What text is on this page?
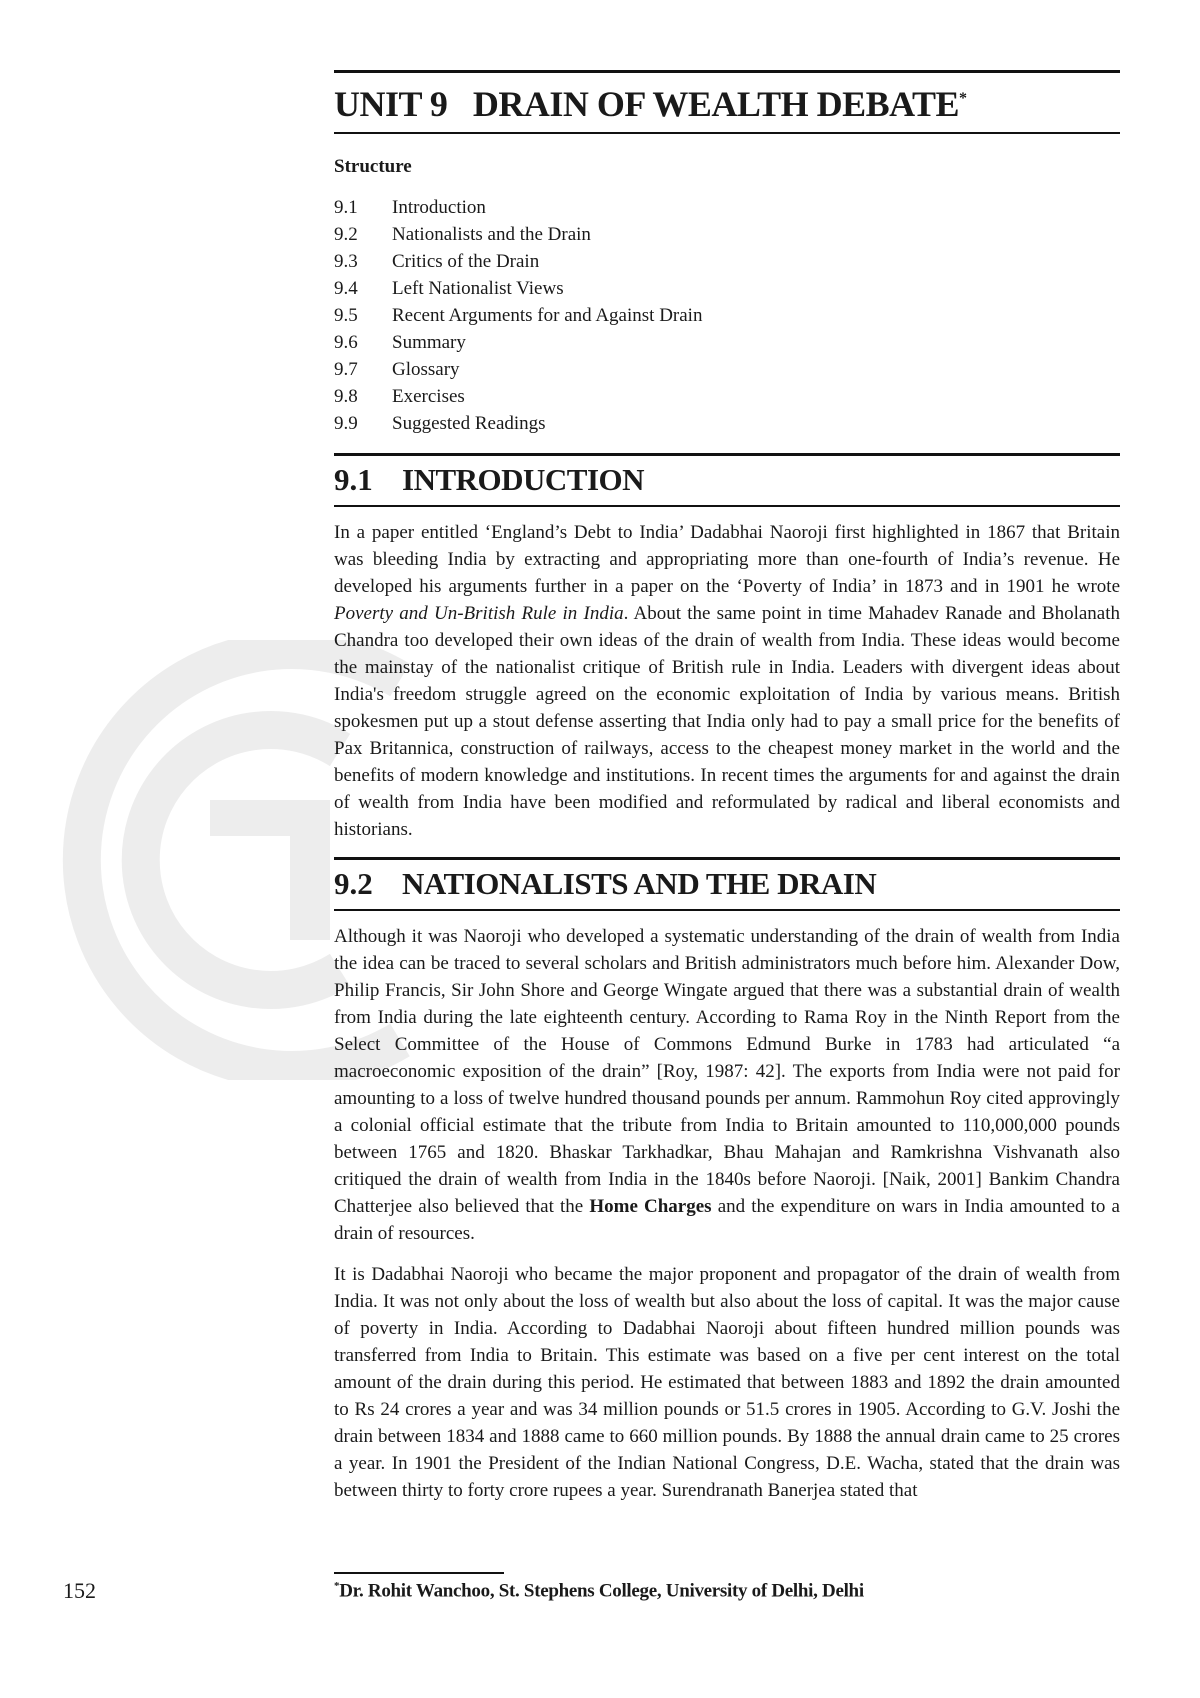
UNIT 9   DRAIN OF WEALTH DEBATE*
Structure
9.1	Introduction
9.2	Nationalists and the Drain
9.3	Critics of the Drain
9.4	Left Nationalist Views
9.5	Recent Arguments for and Against Drain
9.6	Summary
9.7	Glossary
9.8	Exercises
9.9	Suggested Readings
9.1 INTRODUCTION

In a paper entitled ‘England’s Debt to India’ Dadabhai Naoroji first highlighted in 1867 that Britain was bleeding India by extracting and appropriating more than one-fourth of India’s revenue. He developed his arguments further in a paper on the ‘Poverty of India’ in 1873 and in 1901 he wrote Poverty and Un-British Rule in India. About the same point in time Mahadev Ranade and Bholanath Chandra too developed their own ideas of the drain of wealth from India. These ideas would become the mainstay of the nationalist critique of British rule in India. Leaders with divergent ideas about India's freedom struggle agreed on the economic exploitation of India by various means. British spokesmen put up a stout defense asserting that India only had to pay a small price for the benefits of Pax Britannica, construction of railways, access to the cheapest money market in the world and the benefits of modern knowledge and institutions. In recent times the arguments for and against the drain of wealth from India have been modified and reformulated by radical and liberal economists and historians.

9.2 NATIONALISTS AND THE DRAIN

Although it was Naoroji who developed a systematic understanding of the drain of wealth from India the idea can be traced to several scholars and British administrators much before him. Alexander Dow, Philip Francis, Sir John Shore and George Wingate argued that there was a substantial drain of wealth from India during the late eighteenth century. According to Rama Roy in the Ninth Report from the Select Committee of the House of Commons Edmund Burke in 1783 had articulated “a macroeconomic exposition of the drain” [Roy, 1987: 42]. The exports from India were not paid for amounting to a loss of twelve hundred thousand pounds per annum. Rammohun Roy cited approvingly a colonial official estimate that the tribute from India to Britain amounted to 110,000,000 pounds between 1765 and 1820. Bhaskar Tarkhadkar, Bhau Mahajan and Ramkrishna Vishvanath also critiqued the drain of wealth from India in the 1840s before Naoroji. [Naik, 2001] Bankim Chandra Chatterjee also believed that the Home Charges and the expenditure on wars in India amounted to a drain of resources.

It is Dadabhai Naoroji who became the major proponent and propagator of the drain of wealth from India. It was not only about the loss of wealth but also about the loss of capital. It was the major cause of poverty in India. According to Dadabhai Naoroji about fifteen hundred million pounds was transferred from India to Britain. This estimate was based on a five per cent interest on the total amount of the drain during this period. He estimated that between 1883 and 1892 the drain amounted to Rs 24 crores a year and was 34 million pounds or 51.5 crores in 1905. According to G.V. Joshi the drain between 1834 and 1888 came to 660 million pounds. By 1888 the annual drain came to 25 crores a year. In 1901 the President of the Indian National Congress, D.E. Wacha, stated that the drain was between thirty to forty crore rupees a year. Surendranath Banerjea stated that

152	*Dr. Rohit Wanchoo, St. Stephens College, University of Delhi, Delhi
